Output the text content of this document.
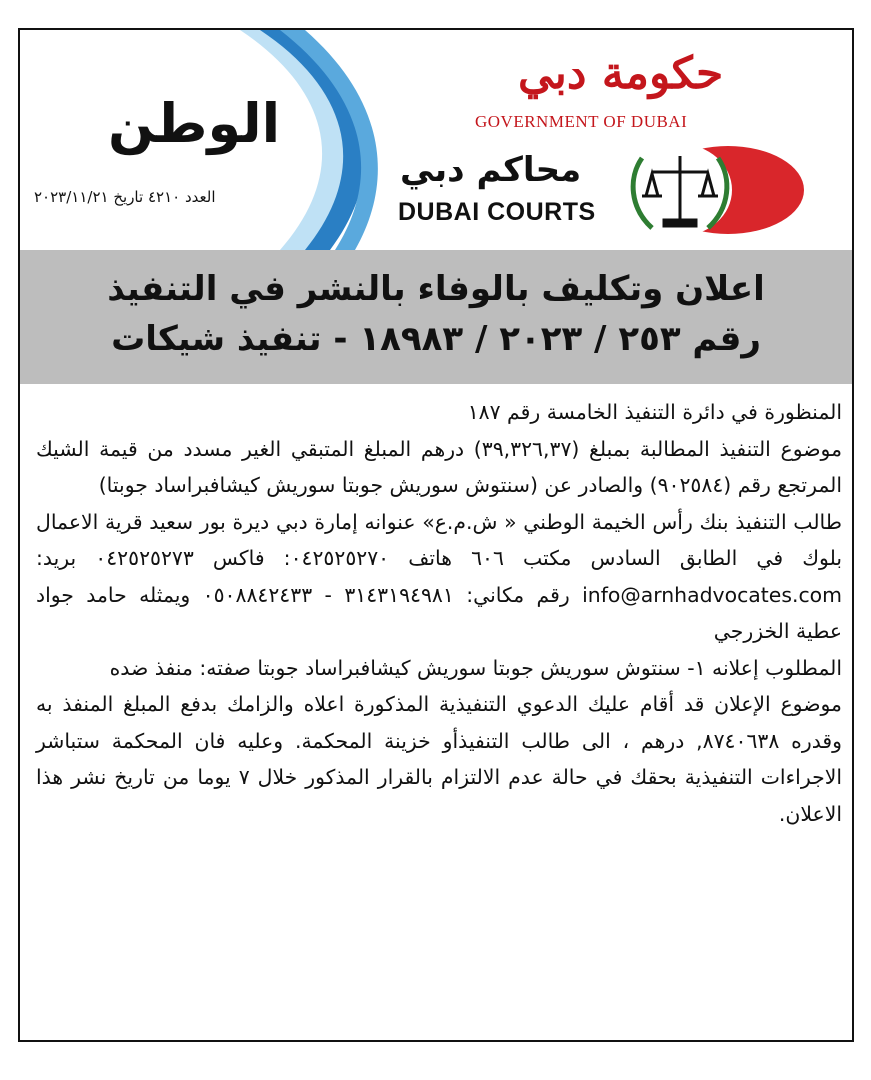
الوطن
العدد ٤٢١٠ تاريخ ٢٠٢٣/١١/٢١
حكومة دبي
GOVERNMENT OF DUBAI
محاكم دبي
DUBAI COURTS
اعلان وتكليف بالوفاء بالنشر في التنفيذ
رقم ٢٥٣ / ٢٠٢٣ / ١٨٩٨٣ - تنفيذ شيكات

المنظورة في دائرة التنفيذ الخامسة رقم ١٨٧

موضوع التنفيذ المطالبة بمبلغ (٣٩,٣٢٦,٣٧) درهم المبلغ المتبقي الغير مسدد من قيمة الشيك المرتجع رقم (٩٠٢٥٨٤) والصادر عن (سنتوش سوريش جوبتا سوريش كيشافبراساد جوبتا)

طالب التنفيذ بنك رأس الخيمة الوطني « ش.م.ع» عنوانه إمارة دبي ديرة بور سعيد قرية الاعمال بلوك في الطابق السادس مكتب ٦٠٦ هاتف ٠٤٢٥٢٥٢٧٠: فاكس ٠٤٢٥٢٥٢٧٣ بريد: info@arnhadvocates.com رقم مكاني: ٣١٤٣١٩٤٩٨١ - ٠٥٠٨٨٤٢٤٣٣ ويمثله حامد جواد عطية الخزرجي

المطلوب إعلانه ١- سنتوش سوريش جوبتا سوريش كيشافبراساد جوبتا صفته: منفذ ضده

موضوع الإعلان قد أقام عليك الدعوي التنفيذية المذكورة اعلاه والزامك بدفع المبلغ المنفذ به وقدره ٨٧٤٠٦٣٨, درهم ، الى طالب التنفيذأو خزينة المحكمة. وعليه فان المحكمة ستباشر الاجراءات التنفيذية بحقك في حالة عدم الالتزام بالقرار المذكور خلال ٧ يوما من تاريخ نشر هذا الاعلان.
